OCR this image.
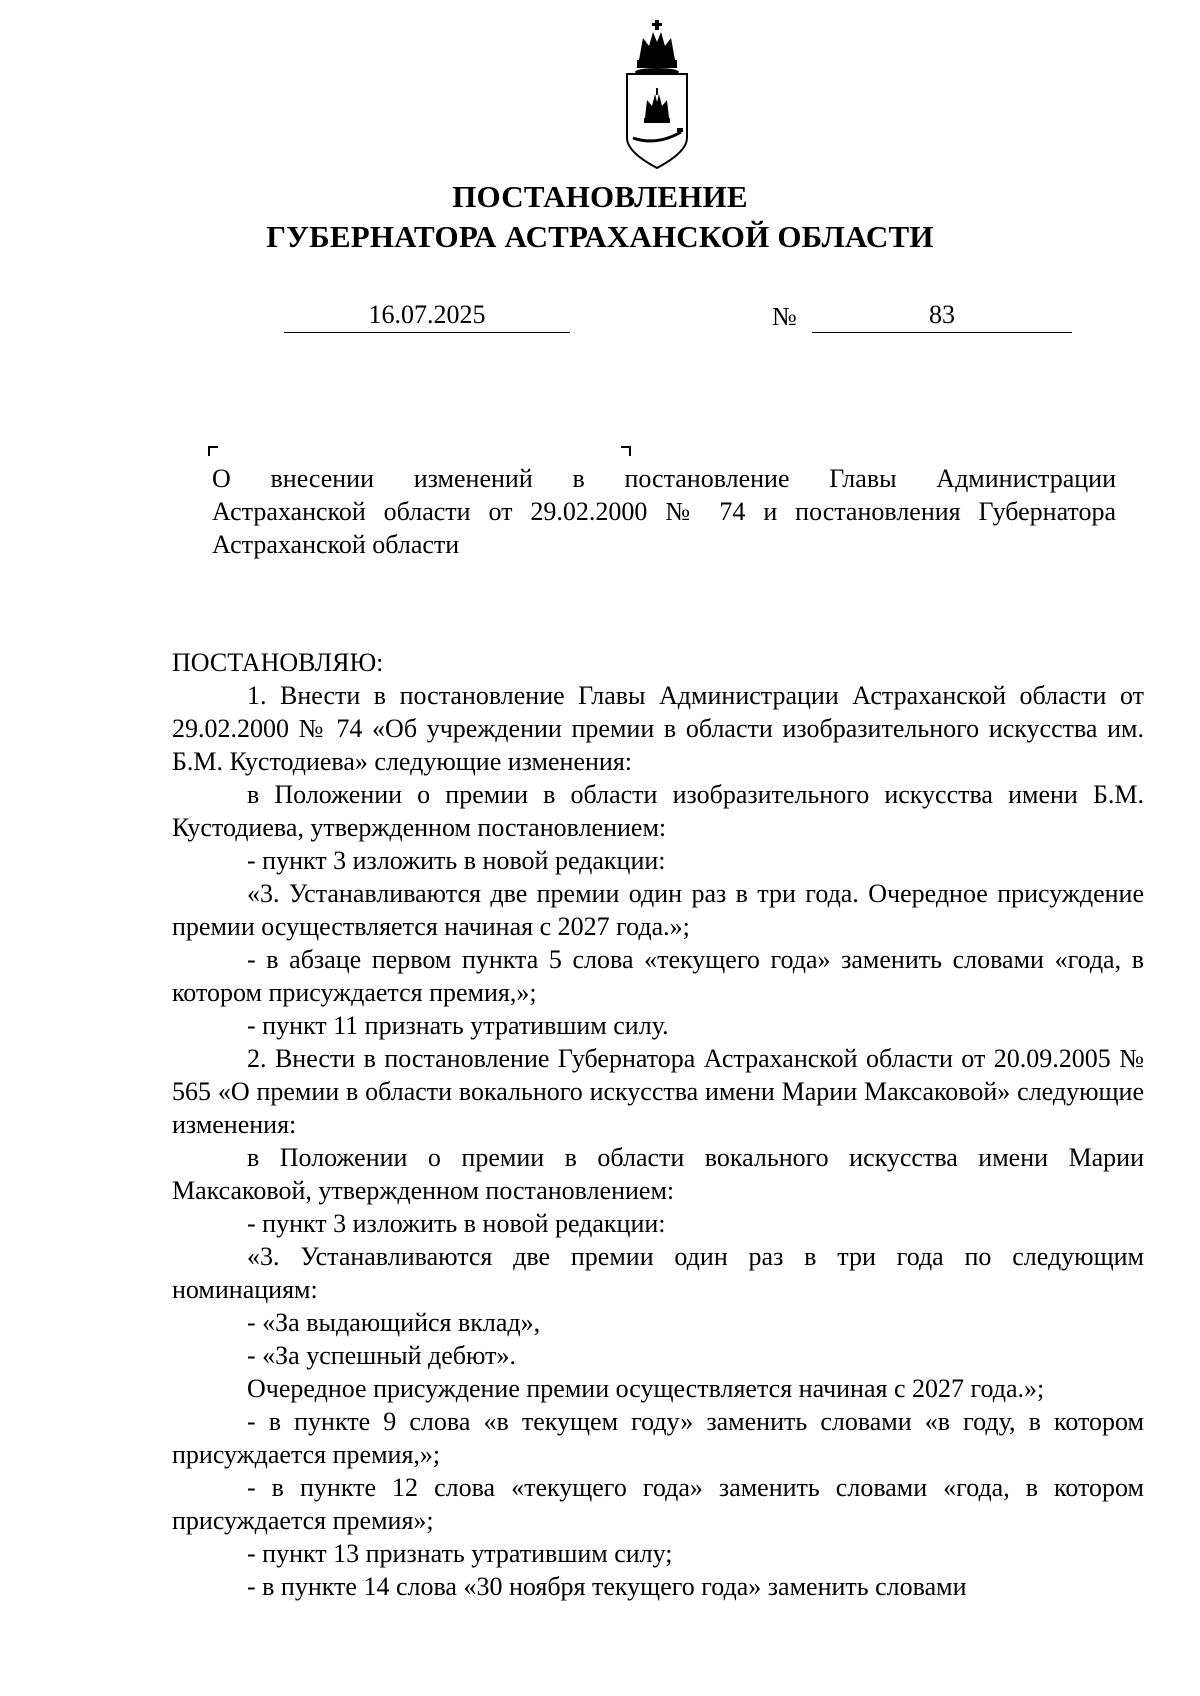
ПОСТАНОВЛЕНИЕ
ГУБЕРНАТОРА АСТРАХАНСКОЙ ОБЛАСТИ
16.07.2025	№	83
О внесении изменений в постановление Главы Администрации
Астраханской области от 29.02.2000 № 74 и постановления Губернатора
Астраханской области

ПОСТАНОВЛЯЮ:

1. Внести в постановление Главы Администрации Астраханской области от 29.02.2000 № 74 «Об учреждении премии в области изобразительного искусства им. Б.М. Кустодиева» следующие изменения:

в Положении о премии в области изобразительного искусства имени Б.М. Кустодиева, утвержденном постановлением:

- пункт 3 изложить в новой редакции:

«3. Устанавливаются две премии один раз в три года. Очередное присуждение премии осуществляется начиная с 2027 года.»;

- в абзаце первом пункта 5 слова «текущего года» заменить словами «года, в котором присуждается премия,»;

- пункт 11 признать утратившим силу.

2. Внести в постановление Губернатора Астраханской области от 20.09.2005 № 565 «О премии в области вокального искусства имени Марии Максаковой» следующие изменения:

в Положении о премии в области вокального искусства имени Марии Максаковой, утвержденном постановлением:

- пункт 3 изложить в новой редакции:

«3. Устанавливаются две премии один раз в три года по следующим номинациям:

- «За выдающийся вклад»,

- «За успешный дебют».

Очередное присуждение премии осуществляется начиная с 2027 года.»;

- в пункте 9 слова «в текущем году» заменить словами «в году, в котором присуждается премия,»;

- в пункте 12 слова «текущего года» заменить словами «года, в котором присуждается премия»;

- пункт 13 признать утратившим силу;

- в пункте 14 слова «30 ноября текущего года» заменить словами
